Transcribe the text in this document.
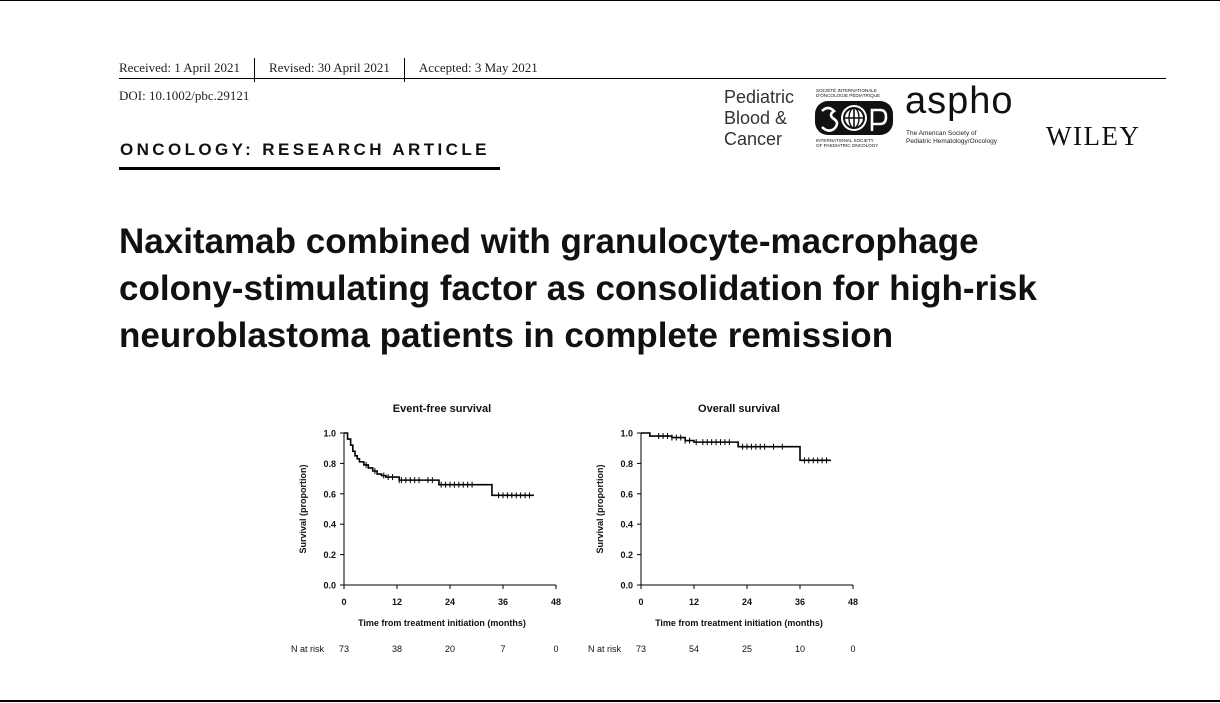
Received: 1 April 2021 Revised: 30 April 2021 Accepted: 3 May 2021
DOI: 10.1002/pbc.29121
ONCOLOGY: RESEARCH ARTICLE
Pediatric
Blood &
Cancer
SOCIÉTÉ INTERNATIONALE
D'ONCOLOGIE PÉDIATRIQUE
INTERNATIONAL SOCIETY
OF PAEDIATRIC ONCOLOGY
aspho
The American Society of
Pediatric Hematology/Oncology WILEY
Naxitamab combined with granulocyte-macrophage colony-stimulating factor as consolidation for high-risk neuroblastoma patients in complete remission
Event-free survival
0.0
0.2
0.4
0.6
0.8
1.0
0	12	24	36	48
Time from treatment initiation (months)
Survival (proportion)
N at risk 73	38	20	7	0
Overall survival
0.0
0.2
0.4
0.6
0.8
1.0
0	12	24	36	48
Time from treatment initiation (months)
Survival (proportion)
N at risk 73	54	25	10	0
